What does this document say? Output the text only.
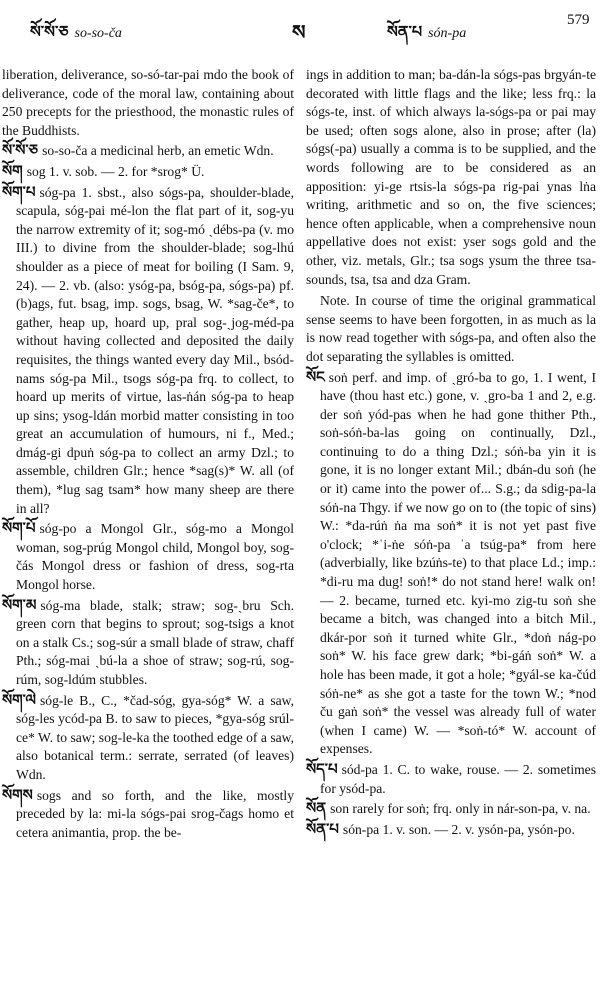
སོ་སོ་ཅ so-so-ča	ས	སོན་པ són-pa
579

liberation, deliverance, so-só-tar-pai mdo the book of deliverance, code of the moral law, containing about 250 precepts for the priesthood, the monastic rules of the Buddhists.

སོ་སོ་ཅ so-so-ča a medicinal herb, an emetic Wdn.

སོག sog 1. v. sob. — 2. for *srog* Ü.

སོག་པ sóg-pa 1. sbst., also sógs-pa, shoulder-blade, scapula, sóg-pai mé-lon the flat part of it, sog-yu the narrow extremity of it; sog-mó ˏdébs-pa (v. mo III.) to divine from the shoulder-blade; sog-lhú shoulder as a piece of meat for boiling (I Sam. 9, 24). — 2. vb. (also: ysóg-pa, bsóg-pa, sógs-pa) pf. (b)ags, fut. bsag, imp. sogs, bsag, W. *sag-če*, to gather, heap up, hoard up, pral sog-ˏjog-méd-pa without having collected and deposited the daily requisites, the things wanted every day Mil., bsód-nams sóg-pa Mil., tsogs sóg-pa frq. to collect, to hoard up merits of virtue, las-ṅán sóg-pa to heap up sins; ysog-ldán morbid matter consisting in too great an accumulation of humours, ni f., Med.; dmág-gi dpuṅ sóg-pa to collect an army Dzl.; to assemble, children Glr.; hence *sag(s)* W. all (of them), *lug sag tsam* how many sheep are there in all?

སོག་པོ sóg-po a Mongol Glr., sóg-mo a Mongol woman, sog-prúg Mongol child, Mongol boy, sog-čás Mongol dress or fashion of dress, sog-rta Mongol horse.

སོག་མ sóg-ma blade, stalk; straw; sog-ˏbru Sch. green corn that begins to sprout; sog-tsigs a knot on a stalk Cs.; sog-súr a small blade of straw, chaff Pth.; sóg-mai ˏbú-la a shoe of straw; sog-rú, sog-rúm, sog-ldúm stubbles.

སོག་ལེ sóg-le B., C., *čad-sóg, gya-sóg* W. a saw, sóg-les ycód-pa B. to saw to pieces, *gya-sóg srúl-ce* W. to saw; sog-le-ka the toothed edge of a saw, also botanical term.: serrate, serrated (of leaves) Wdn.

སོགས sogs and so forth, and the like, mostly preceded by la: mi-la sógs-pai srog-čags homo et cetera animantia, prop. the be-

ings in addition to man; ba-dán-la sógs-pas brgyán-te decorated with little flags and the like; less frq.: la sógs-te, inst. of which always la-sógs-pa or pai may be used; often sogs alone, also in prose; after (la) sógs(-pa) usually a comma is to be supplied, and the words following are to be considered as an apposition: yi-ge rtsis-la sógs-pa rig-pai ynas lṅa writing, arithmetic and so on, the five sciences; hence often applicable, when a comprehensive noun appellative does not exist: yser sogs gold and the other, viz. metals, Glr.; tsa sogs ysum the three tsa-sounds, tsa, tsa and dza Gram.

Note. In course of time the original grammatical sense seems to have been forgotten, in as much as la is now read together with sógs-pa, and often also the dot separating the syllables is omitted.

སོང soṅ perf. and imp. of ˏgró-ba to go, 1. I went, I have (thou hast etc.) gone, v. ˏgro-ba 1 and 2, e.g. der soṅ yód-pas when he had gone thither Pth., soṅ-sóṅ-ba-las going on continually, Dzl., continuing to do a thing Dzl.; sóṅ-ba yin it is gone, it is no longer extant Mil.; dbán-du soṅ (he or it) came into the power of... S.g.; da sdig-pa-la sóṅ-na Thgy. if we now go on to (the topic of sins) W.: *da-rúṅ ṅa ma soṅ* it is not yet past five o'clock; *ˈi-ṅe sóṅ-pa ˈa tsúg-pa* from here (adverbially, like bzúṅs-te) to that place Ld.; imp.: *di-ru ma dug! soṅ!* do not stand here! walk on! — 2. became, turned etc. kyi-mo zig-tu soṅ she became a bitch, was changed into a bitch Mil., dkár-por soṅ it turned white Glr., *doṅ nág-po soṅ* W. his face grew dark; *bi-gáṅ soṅ* W. a hole has been made, it got a hole; *gyál-se ka-čúd sóṅ-ne* as she got a taste for the town W.; *nod ču gaṅ soṅ* the vessel was already full of water (when I came) W. — *soṅ-tó* W. account of expenses.

སོད་པ sód-pa 1. C. to wake, rouse. — 2. sometimes for ysód-pa.

སོན son rarely for soṅ; frq. only in nár-son-pa, v. na.

སོན་པ són-pa 1. v. son. — 2. v. ysón-pa, ysón-po.
